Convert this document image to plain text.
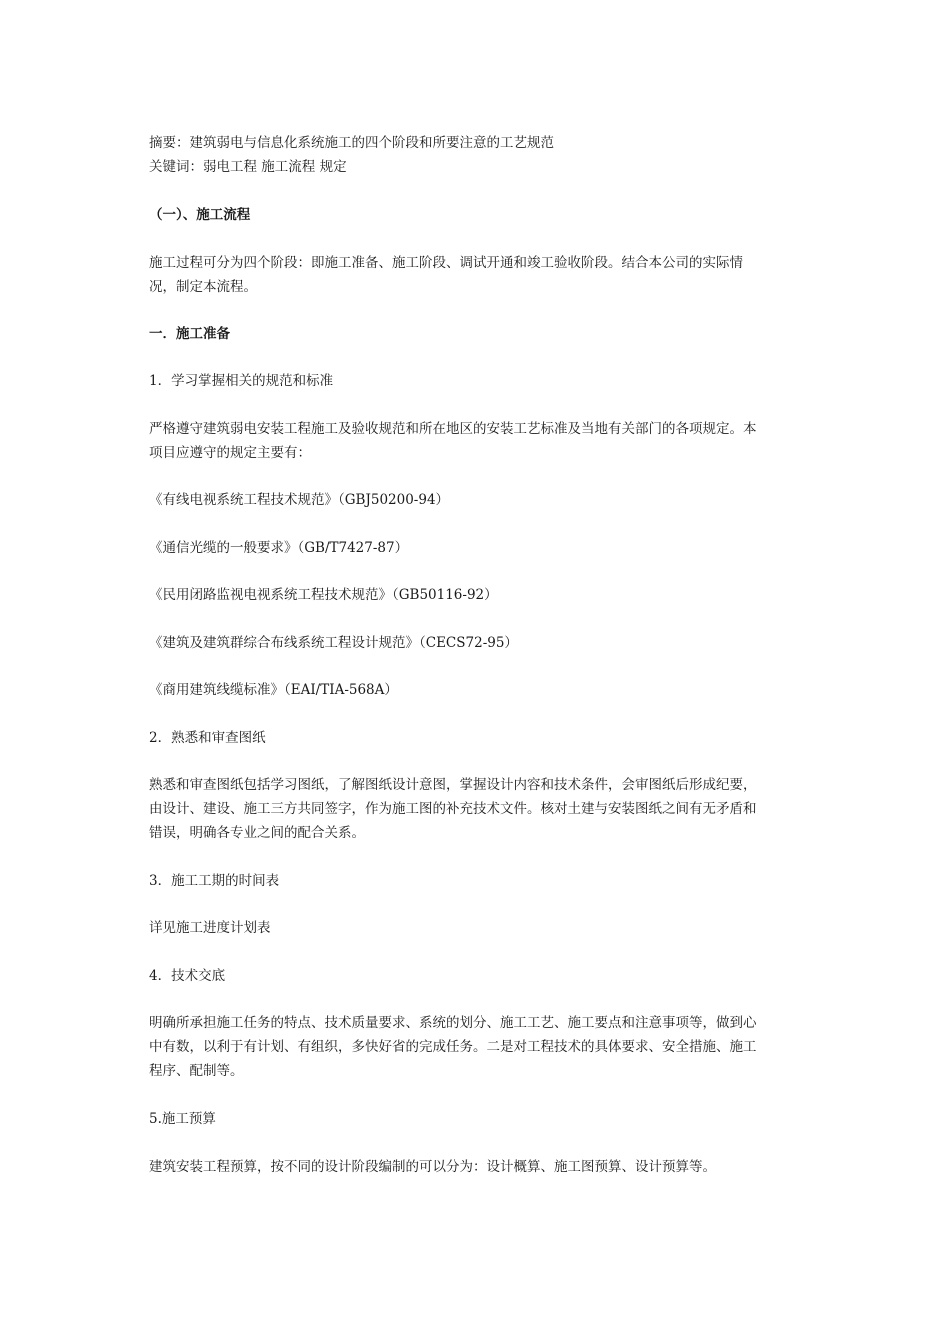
摘要：建筑弱电与信息化系统施工的四个阶段和所要注意的工艺规范

关键词：弱电工程 施工流程 规定

（一）、施工流程

施工过程可分为四个阶段：即施工准备、施工阶段、调试开通和竣工验收阶段。结合本公司的实际情

况，制定本流程。

一．施工准备

1．学习掌握相关的规范和标准

严格遵守建筑弱电安装工程施工及验收规范和所在地区的安装工艺标准及当地有关部门的各项规定。本

项目应遵守的规定主要有：

《有线电视系统工程技术规范》（GBJ50200-94）

《通信光缆的一般要求》（GB/T7427-87）

《民用闭路监视电视系统工程技术规范》（GB50116-92）

《建筑及建筑群综合布线系统工程设计规范》（CECS72-95）

《商用建筑线缆标准》（EAI/TIA-568A）

2．熟悉和审查图纸

熟悉和审查图纸包括学习图纸，了解图纸设计意图，掌握设计内容和技术条件，会审图纸后形成纪要，

由设计、建设、施工三方共同签字，作为施工图的补充技术文件。核对土建与安装图纸之间有无矛盾和

错误，明确各专业之间的配合关系。

3．施工工期的时间表

详见施工进度计划表

4．技术交底

明确所承担施工任务的特点、技术质量要求、系统的划分、施工工艺、施工要点和注意事项等，做到心

中有数，以利于有计划、有组织，多快好省的完成任务。二是对工程技术的具体要求、安全措施、施工

程序、配制等。

5.施工预算

建筑安装工程预算，按不同的设计阶段编制的可以分为：设计概算、施工图预算、设计预算等。
